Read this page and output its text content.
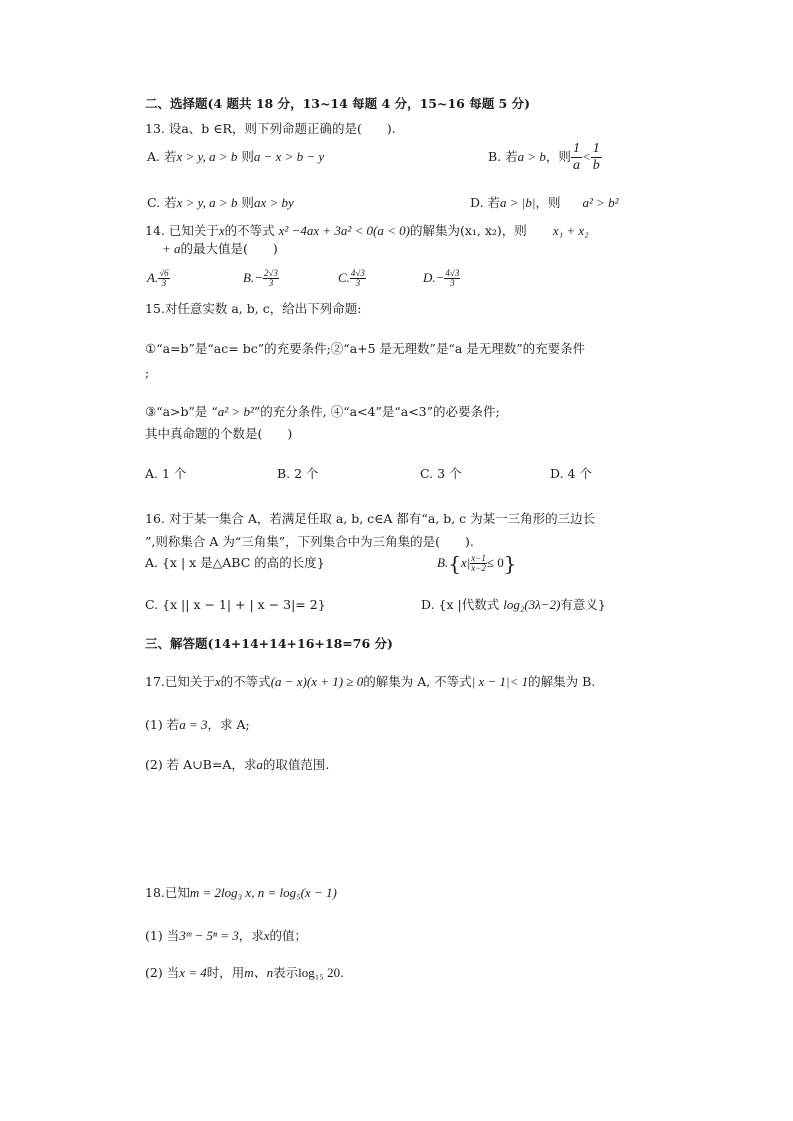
二、选择题(4 题共 18 分，13~14 每题 4 分，15~16 每题 5 分)
13. 设a、b ∈R，则下列命题正确的是(　　).
A. 若x > y, a > b 则a − x > b − y	B. 若a > b，则 $\frac{1}{a} < \frac{1}{b}$
C. 若x > y, a > b 则ax > by	D. 若a > |b|，则 a² > b²
14. 已知关于x的不等式 x² −4ax + 3a² < 0(a < 0)的解集为(x₁, x₂)，则 x₁ + x₂
+ a的最大值是(　　)
A. $\frac{√6}{3}$	$B.- \frac{2√3}{3}$	C. $\frac{4√3}{3}$	$D.- \frac{4√3}{3}$
15.对任意实数 a, b, c，给出下列命题:
①“a=b”是“ac= bc”的充要条件;②“a+5 是无理数”是“a 是无理数”的充要条件
;
③“a>b”是 “a² > b²”的充分条件, ④“a<4”是“a<3”的必要条件;
其中真命题的个数是(　　)
A. 1 个	B. 2 个	C. 3 个	D. 4 个
16. 对于某一集合 A，若满足任取 a, b, c∈A 都有“a, b, c 为某一三角形的三边长
”,则称集合 A 为“三角集”，下列集合中为三角集的是(　　).
A. {x | x 是△ABC 的高的长度}	$B.\{x| \frac{x-1}{x-2} \le 0\}$
C. {x || x − 1| + | x − 3|= 2}	D. {x |代数式 log₂(3λ−2)有意义}
三、解答题(14+14+14+16+18=76 分)
17.已知关于x的不等式(a − x)(x + 1) ≥ 0的解集为 A, 不等式| x − 1|< 1的解集为 B.
(1) 若a = 3，求 A;
(2) 若 A∪B=A，求a的取值范围.
18.已知m = 2log₃ x, n = log₅(x − 1)
(1) 当3ᵐ − 5ⁿ = 3，求x的值；
(2) 当x = 4时，用m、n表示log₁₅ 20.
